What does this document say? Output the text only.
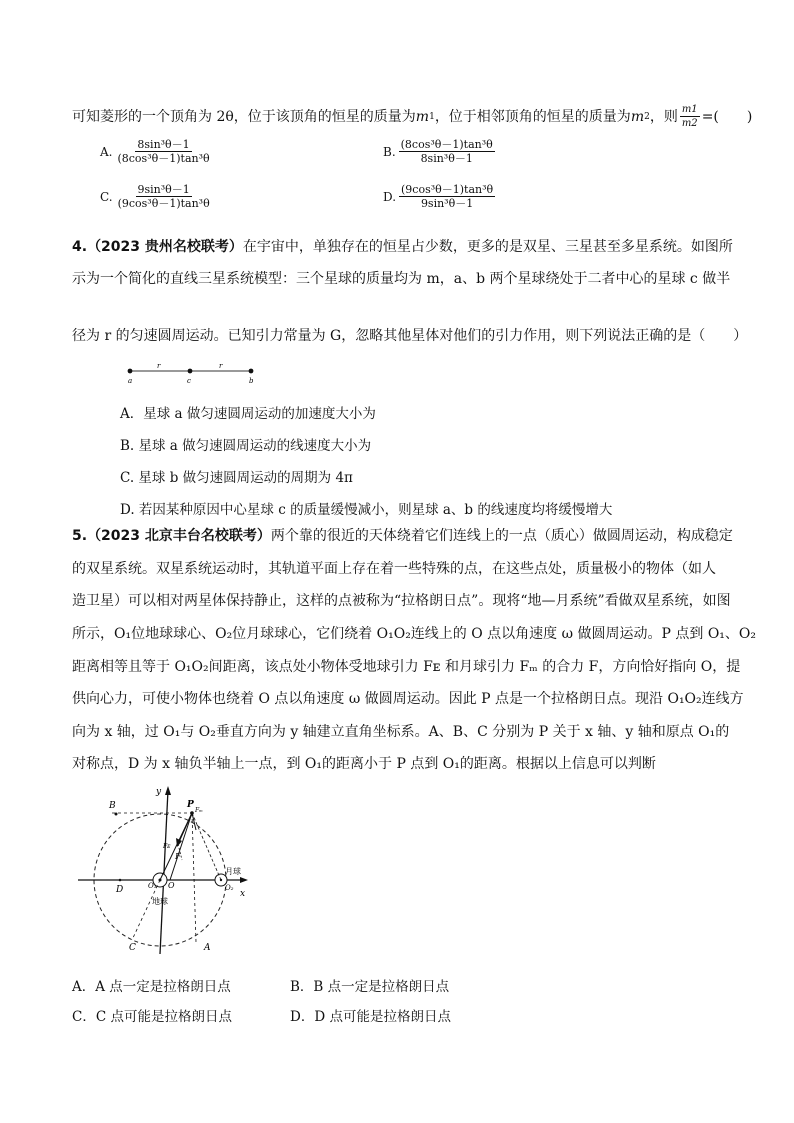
可知菱形的一个顶角为 2θ，位于该顶角的恒星的质量为 m 1 ，位于相邻顶角的恒星的质量为 m 2 ，则 $\frac{m1}{m2}$ =(　　)
A. $\frac{\text{8sin³θ－1}}{\text{(8cos³θ－1)tan³θ}}$	B. $\frac{\text{(8cos³θ－1)tan³θ}}{\text{8sin³θ－1}}$
C. $\frac{\text{9sin³θ－1}}{\text{(9cos³θ－1)tan³θ}}$	D. $\frac{\text{(9cos³θ－1)tan³θ}}{\text{9sin³θ－1}}$
4.（2023 贵州名校联考）在宇宙中，单独存在的恒星占少数，更多的是双星、三星甚至多星系统。如图所
示为一个简化的直线三星系统模型：三个星球的质量均为 m，a、b 两个星球绕处于二者中心的星球 c 做半
径为 r 的匀速圆周运动。已知引力常量为 G，忽略其他星体对他们的引力作用，则下列说法正确的是（　　）
a
r
c
r
b
A．星球 a 做匀速圆周运动的加速度大小为
B. 星球 a 做匀速圆周运动的线速度大小为
C. 星球 b 做匀速圆周运动的周期为 4π
D. 若因某种原因中心星球 c 的质量缓慢减小，则星球 a、b 的线速度均将缓慢增大
5.（2023 北京丰台名校联考）两个靠的很近的天体绕着它们连线上的一点（质心）做圆周运动，构成稳定
的双星系统。双星系统运动时，其轨道平面上存在着一些特殊的点，在这些点处，质量极小的物体（如人
造卫星）可以相对两星体保持静止，这样的点被称为“拉格朗日点”。现将“地—月系统”看做双星系统，如图
所示，O₁位地球球心、O₂位月球球心，它们绕着 O₁O₂连线上的 O 点以角速度 ω 做圆周运动。P 点到 O₁、O₂
距离相等且等于 O₁O₂间距离，该点处小物体受地球引力 Fᴇ 和月球引力 Fₘ 的合力 F，方向恰好指向 O，提
供向心力，可使小物体也绕着 O 点以角速度 ω 做圆周运动。因此 P 点是一个拉格朗日点。现沿 O₁O₂连线方
向为 x 轴，过 O₁与 O₂垂直方向为 y 轴建立直角坐标系。A、B、C 分别为 P 关于 x 轴、y 轴和原点 O₁的
对称点，D 为 x 轴负半轴上一点，到 O₁的距离小于 P 点到 O₁的距离。根据以上信息可以判断
y
x
P
B	Fₘ
Fᴇ
F
月球
O₂
O₁ O
D
地球
C	A
A．A 点一定是拉格朗日点	B．B 点一定是拉格朗日点
C．C 点可能是拉格朗日点	D．D 点可能是拉格朗日点
